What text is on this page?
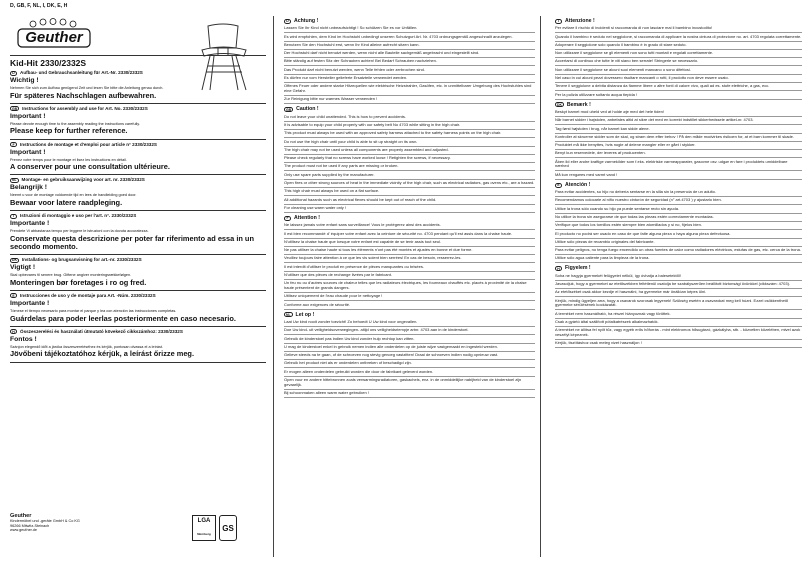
D, GB, F, NL, I, DK, E, H
Geuther
Kid-Hit 2330/2332S
D	Aufbau- und Gebrauchsanleitung für Art.-Nr. 2330/2332S
Wichtig !
Nehmen Sie sich zum Aufbau genügend Zeit und lesen Sie bitte die Anleitung genau durch.
Für späteres Nachschlagen aufbewahren.
GB	Instructions for assembly and use for Art. No. 2330/2332S
Important !
Please devote enough time to the assembly reading the instructions carefully.
Please keep for further reference.
F	Instructions de montage et d'emploi pour article n° 2330/2332S
Important !
Prenez votre temps pour le montage et lisez les instructions en détail.
A conserver pour une consultation ultérieure.
NL	Montage- en gebruiksaanwijzing voor art. nr. 2330/2332S
Belangrijk !
Neemt u voor de montage voldoende tijd en lees de handleiding goed door.
Bewaar voor latere raadpleging.
I	Istruzioni di montaggio e uso per l'art. n°. 2330/2332S
Importante !
Prendete Vi abbastanza tempo per leggere le istruzioni con la dovuta accuratezza.
Conservate questa descrizione per poter far riferimento ad essa in un secondo momento.
DK	Installations- og brugsanvisning for art.-nr. 2330/2332S
Vigtigt !
Skal opbevares til senere brug. Giftene angiver monteringsrækkefølgen.
Monteringen bør foretages i ro og fred.
E	Instrucciones de uso y de montaje para Art. -Núm. 2330/2332S
Importante !
Tómese el tiempo necesario para montar el parque y lea con atención las instrucciones completas.
Guárdelas para poder leerlas posteriormente en caso necesario.
H	Összeszerelési és használati útmutató kövekező cikkszámhoz: 2330/2332S
Fontos !
Szánjon elegendő időt a járóka összeszereléséhez és kérjük, pontosan olvassa el a leírást.
Jövőbeni tájékoztatóhoz kérjük, a leírást őrizze meg.
Geuther
Kindermöbel und -geräte GmbH & Co KG
96266 Mitwitz-Steinach
www.geuther.de
LGA
Nürnberg
GS
D	Achtung !
Lassen Sie Ihr Kind nicht unbeaufsichtigt ! So schützen Sie es vor Unfällen.
Es wird empfohlen, dem Kind im Hochstuhl unbedingt unseren Schutzgurt Art. Nr. 4703 ordnungsgemäß angeschnallt anzulegen.
Benutzen Sie den Hochstuhl erst, wenn Ihr Kind alleine aufrecht sitzen kann.
Der Hochstuhl darf nicht benutzt werden, wenn nicht alle Bauteile sachgemäß angebracht und eingestellt sind.
Bitte ständig auf festen Sitz der Schrauben achten! Bei Bedarf Schrauben nachziehen.
Das Produkt darf nicht benutzt werden, wenn Teile fehlen oder zerbrochen sind.
Es dürfen nur vom Hersteller gelieferte Ersatzteile verwendet werden.
Offenes Feuer oder andere starke Hitzequellen wie elektrische Heizstrahler, Gasöfen, etc. in unmittelbarer Umgebung des Hochstuhles sind eine Gefahr.
Zur Reinigung bitte nur warmes Wasser verwenden !
GB Caution !
Do not leave your child unattended. This is how to prevent accidents.
It is advisable to equip your child properly with our safety belt No 4703 while sitting in the high chair.
This product must always be used with an approved safety harness attached to the safety harness points on the high chair.
Do not use the high chair until your child is able to sit up straight on its own.
The high chair may not be used unless all components are properly assembled and adjusted.
Please check regularly that no screws have worked loose ! Retighten the screws, if necessary.
The product must not be used if any parts are missing or broken.
Only use spare parts supplied by the manufacturer.
Open fires or other strong sources of heat in the immediate vicinity of the high chair, such as electrical radiators, gas ovens etc., are a hazard.
This high chair must always be used on a flat surface.
All additional hazards such as electrical flexes should be kept out of reach of the child.
For cleaning use warm water only !
F	Attention !
Ne laissez jamais votre enfant sans surveillance! Vous le protégerez ainsi des accidents.
Il est bien recommandé d' équiper votre enfant avec la ceinture de sécurité no. 4703 pendant qu'il est assis dans la chaise haute.
N'utilisez la chaise haute que lorsque votre enfant est capable de se tenir assis tout seul.
Ne pas utiliser la chaise haute si tous les éléments n'ont pas été montés et ajustés en bonne et due forme.
Veuillez toujours faire attention à ce que les vis soient bien serrées! En cas de besoin, resserrez-les.
Il est interdit d'utiliser le produit en présence de pièces manquantes ou brisées.
N'utiliser que des pièces de rechange livrées par le fabricant.
Un feu nu ou d'autres sources de chaleur telles que les radiateurs électriques, les fourneaux chauffés etc. placés à proximité de la chaise haute présentent de grands dangers.
Utilisez uniquement de l'eau chaude pour le nettoyage !
Conforme aux exigences de sécurité.
NL Let op !
Laat Uw kind nooit zonder toezicht! Zo behoedt U Uw kind voor ongevallen.
Doe Uw kind- uit veiligheidsoverwegingen- altijd ons veiligheidsriempje artnr. 4703 aan in de kinderstoel.
Gebruik de kinderstoel pas indien Uw kind zonder hulp rechtop kan zitten.
U mag de kinderstoel enkel in gebruik nemen indien alle onderdelen op de juiste wijze vastgemaakt en ingesteld werden.
Gelieve steeds na te gaan, of de schroeven nog stevig genoeg vastzitten! Draai de schroeven indien nodig opnieuw vast.
Gebruik het product niet als er onderdelen ontbreken of beschadigd zijn.
Er mogen alleen onderdelen gebruikt worden die door de fabrikant geleverd worden.
Open vuur en andere hittebronnen zoals verwarmingsradiatoren, gaskachels, enz. in de onmiddellijke nabijheid van de kinderstoel zijn gevaarlijk.
Bij schoonmaken alleen warm water gebruiken !
I	Attenzione !
Per evitare il rischio di incidenti si raccomanda di non lasciare mai il bambino incustodito!
Quando il bambino è seduto nel seggiolone, si raccomanda di applicare la nostra cintura di protezione no. art. 4703 regolata correttamente.
Adoperare il seggiolone solo quando il bambino è in grado di stare seduto.
Non utilizzare il seggiolone se gli elementi non sono tutti montati e regolati correttamente.
Accertarsi di continuo che tutte le viti siano ben serrate! Stringerle se necessario.
Non utilizzare il seggiolone se alcuni suoi elementi mancano o sono difettosi.
Nel caso in cui alcuni pezzi dovessero risultare mancanti o rotti, il prodotto non deve essere usato.
Tenere il seggiolone a debita distanza da fiamme libere o altre fonti di calore vivo, quali ad es. stufe elettriche, a gas, ecc.
Per la pulizia utilizzare soltanto acqua tiepida !
DK Bemærk !
Beskyt barnet mod uheld ved at holde øje med det hele tiden!
Når barnet sidder i højstolen, anbefales altid at sikre det med en korrekt indstillet sikkerhedssele artikel-nr. 4703.
Tag først højstolen i brug, når barnet kan sidde alene.
Kontroller at skruerne sidder som de skal, og stram dem efter behov ! På den måde modvirkes risikoen for, at et barn kommer til skade.
Produktet må ikke benyttes, hvis nogle af delene mangler eller er gået i stykker.
Benyt kun reservedele, der leveres af producenten.
Åben ild eller andre kraftige varmekilder som f.eks. elektriske varmeapparater, gasovne osv. udgør en fare i produktets umiddelbare nærhed
Må kun rengøres med varmt vand !
E	Atención !
Para evitar accidentes, su hijo no debería sentarse en la silla sin la presencia de un adulto.
Recomendamos colocarle al niño nuestro cinturón de seguridad (n° art.4703 ) y ajustarlo bien.
Utilice la trona sólo cuando su hijo ya puede sentarse recto sin ayuda.
No utilice la trona sin asegurarse de que todas las piezas estén correctamente montadas.
Verifique que todos los tornillos estén siempre bien atornillados y si no, fíjelos bien.
El producto no podrá ser usado en caso de que falte alguna pieza o haya alguna pieza defectuosa.
Utilice sólo piezas de recambio originales del fabricante.
Para evitar peligros, no tenga fuego encendido un otras fuentes de calor como radiadores eléctricos, estufas de gas, etc. cerca de la trona.
Utilice sólo agua caliente para la limpieza de la trona.
H	Figyelem !
Soha ne hagyja gyermekét felügyelet nélkül, így óvhatja a balesetektől!
Javasoljuk, hogy a gyermeket az etetőszékben feltétlenül csatolja be szabályszerűen beállított biztonsági övünkkel (cikkszám: 4703).
Az etetőszéket csak akkor kezdje el használni, ha gyermeke már önállóan képes ülni.
Kérjük, mindig ügyeljen arra, hogy a csavarok szorosak legyenek! Szükség esetén a csavarokat meg kell húzni. Ezzel csökkenthető gyermeke sérülésének kockázatát.
A terméket nem használható, ha részei hiányoznak vagy töröttek.
Csak a gyártó által szállított pótalkatrészek alkalmazhatók.
A terméket ne állítsa fel nyílt tűz, vagy egyéb erős hőforrás - mint elektromos hősugárzó, gázkályha, stb. - közvetlen közelében, mivel azok veszélyt képeznek.
Kérjük, tisztításhoz csak meleg vizet használjon !
